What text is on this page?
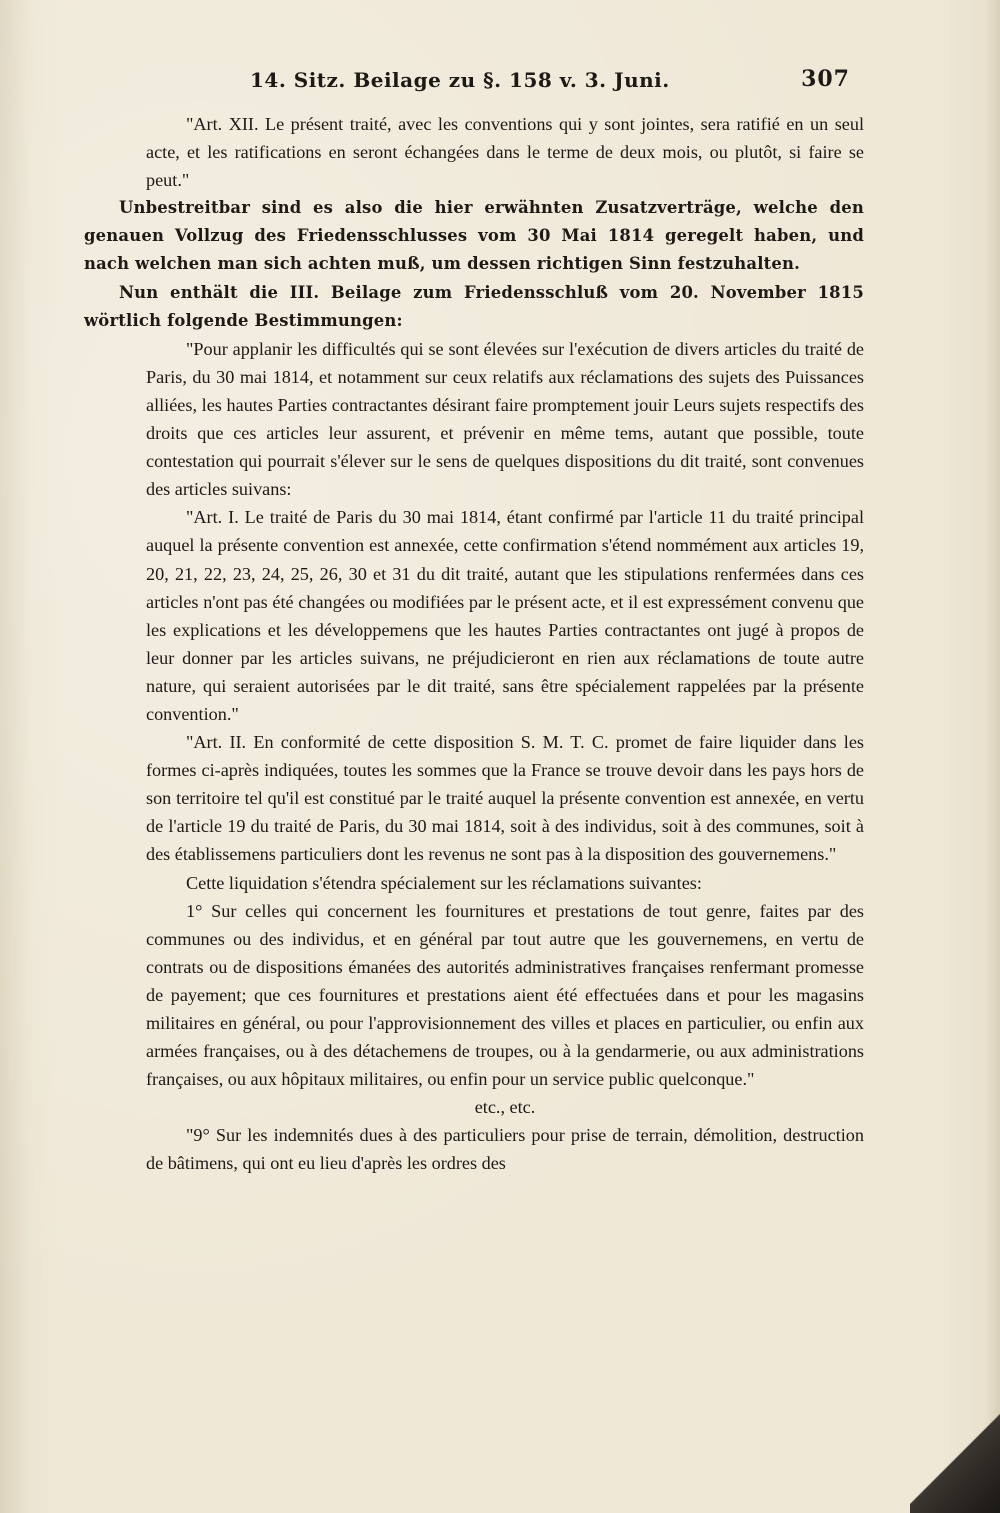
14. Sitz. Beilage zu §. 158 v. 3. Juni.	307

"Art. XII. Le présent traité, avec les conventions qui y sont jointes, sera ratifié en un seul acte, et les ratifications en seront échangées dans le terme de deux mois, ou plutôt, si faire se peut."

Unbestreitbar sind es also die hier erwähnten Zusatzverträge, welche den genauen Vollzug des Friedensschlusses vom 30 Mai 1814 geregelt haben, und nach welchen man sich achten muß, um dessen richtigen Sinn festzuhalten.

Nun enthält die III. Beilage zum Friedensschluß vom 20. November 1815 wörtlich folgende Bestimmungen:

"Pour applanir les difficultés qui se sont élevées sur l'exécution de divers articles du traité de Paris, du 30 mai 1814, et notamment sur ceux relatifs aux réclamations des sujets des Puissances alliées, les hautes Parties contractantes désirant faire promptement jouir Leurs sujets respectifs des droits que ces articles leur assurent, et prévenir en même tems, autant que possible, toute contestation qui pourrait s'élever sur le sens de quelques dispositions du dit traité, sont convenues des articles suivans:

"Art. I. Le traité de Paris du 30 mai 1814, étant confirmé par l'article 11 du traité principal auquel la présente convention est annexée, cette confirmation s'étend nommément aux articles 19, 20, 21, 22, 23, 24, 25, 26, 30 et 31 du dit traité, autant que les stipulations renfermées dans ces articles n'ont pas été changées ou modifiées par le présent acte, et il est expressément convenu que les explications et les développemens que les hautes Parties contractantes ont jugé à propos de leur donner par les articles suivans, ne préjudicieront en rien aux réclamations de toute autre nature, qui seraient autorisées par le dit traité, sans être spécialement rappelées par la présente convention."

"Art. II. En conformité de cette disposition S. M. T. C. promet de faire liquider dans les formes ci-après indiquées, toutes les sommes que la France se trouve devoir dans les pays hors de son territoire tel qu'il est constitué par le traité auquel la présente convention est annexée, en vertu de l'article 19 du traité de Paris, du 30 mai 1814, soit à des individus, soit à des communes, soit à des établissemens particuliers dont les revenus ne sont pas à la disposition des gouvernemens."

Cette liquidation s'étendra spécialement sur les réclamations suivantes:

1° Sur celles qui concernent les fournitures et prestations de tout genre, faites par des communes ou des individus, et en général par tout autre que les gouvernemens, en vertu de contrats ou de dispositions émanées des autorités administratives françaises renfermant promesse de payement; que ces fournitures et prestations aient été effectuées dans et pour les magasins militaires en général, ou pour l'approvisionnement des villes et places en particulier, ou enfin aux armées françaises, ou à des détachemens de troupes, ou à la gendarmerie, ou aux administrations françaises, ou aux hôpitaux militaires, ou enfin pour un service public quelconque."

etc., etc.

"9° Sur les indemnités dues à des particuliers pour prise de terrain, démolition, destruction de bâtimens, qui ont eu lieu d'après les ordres des
